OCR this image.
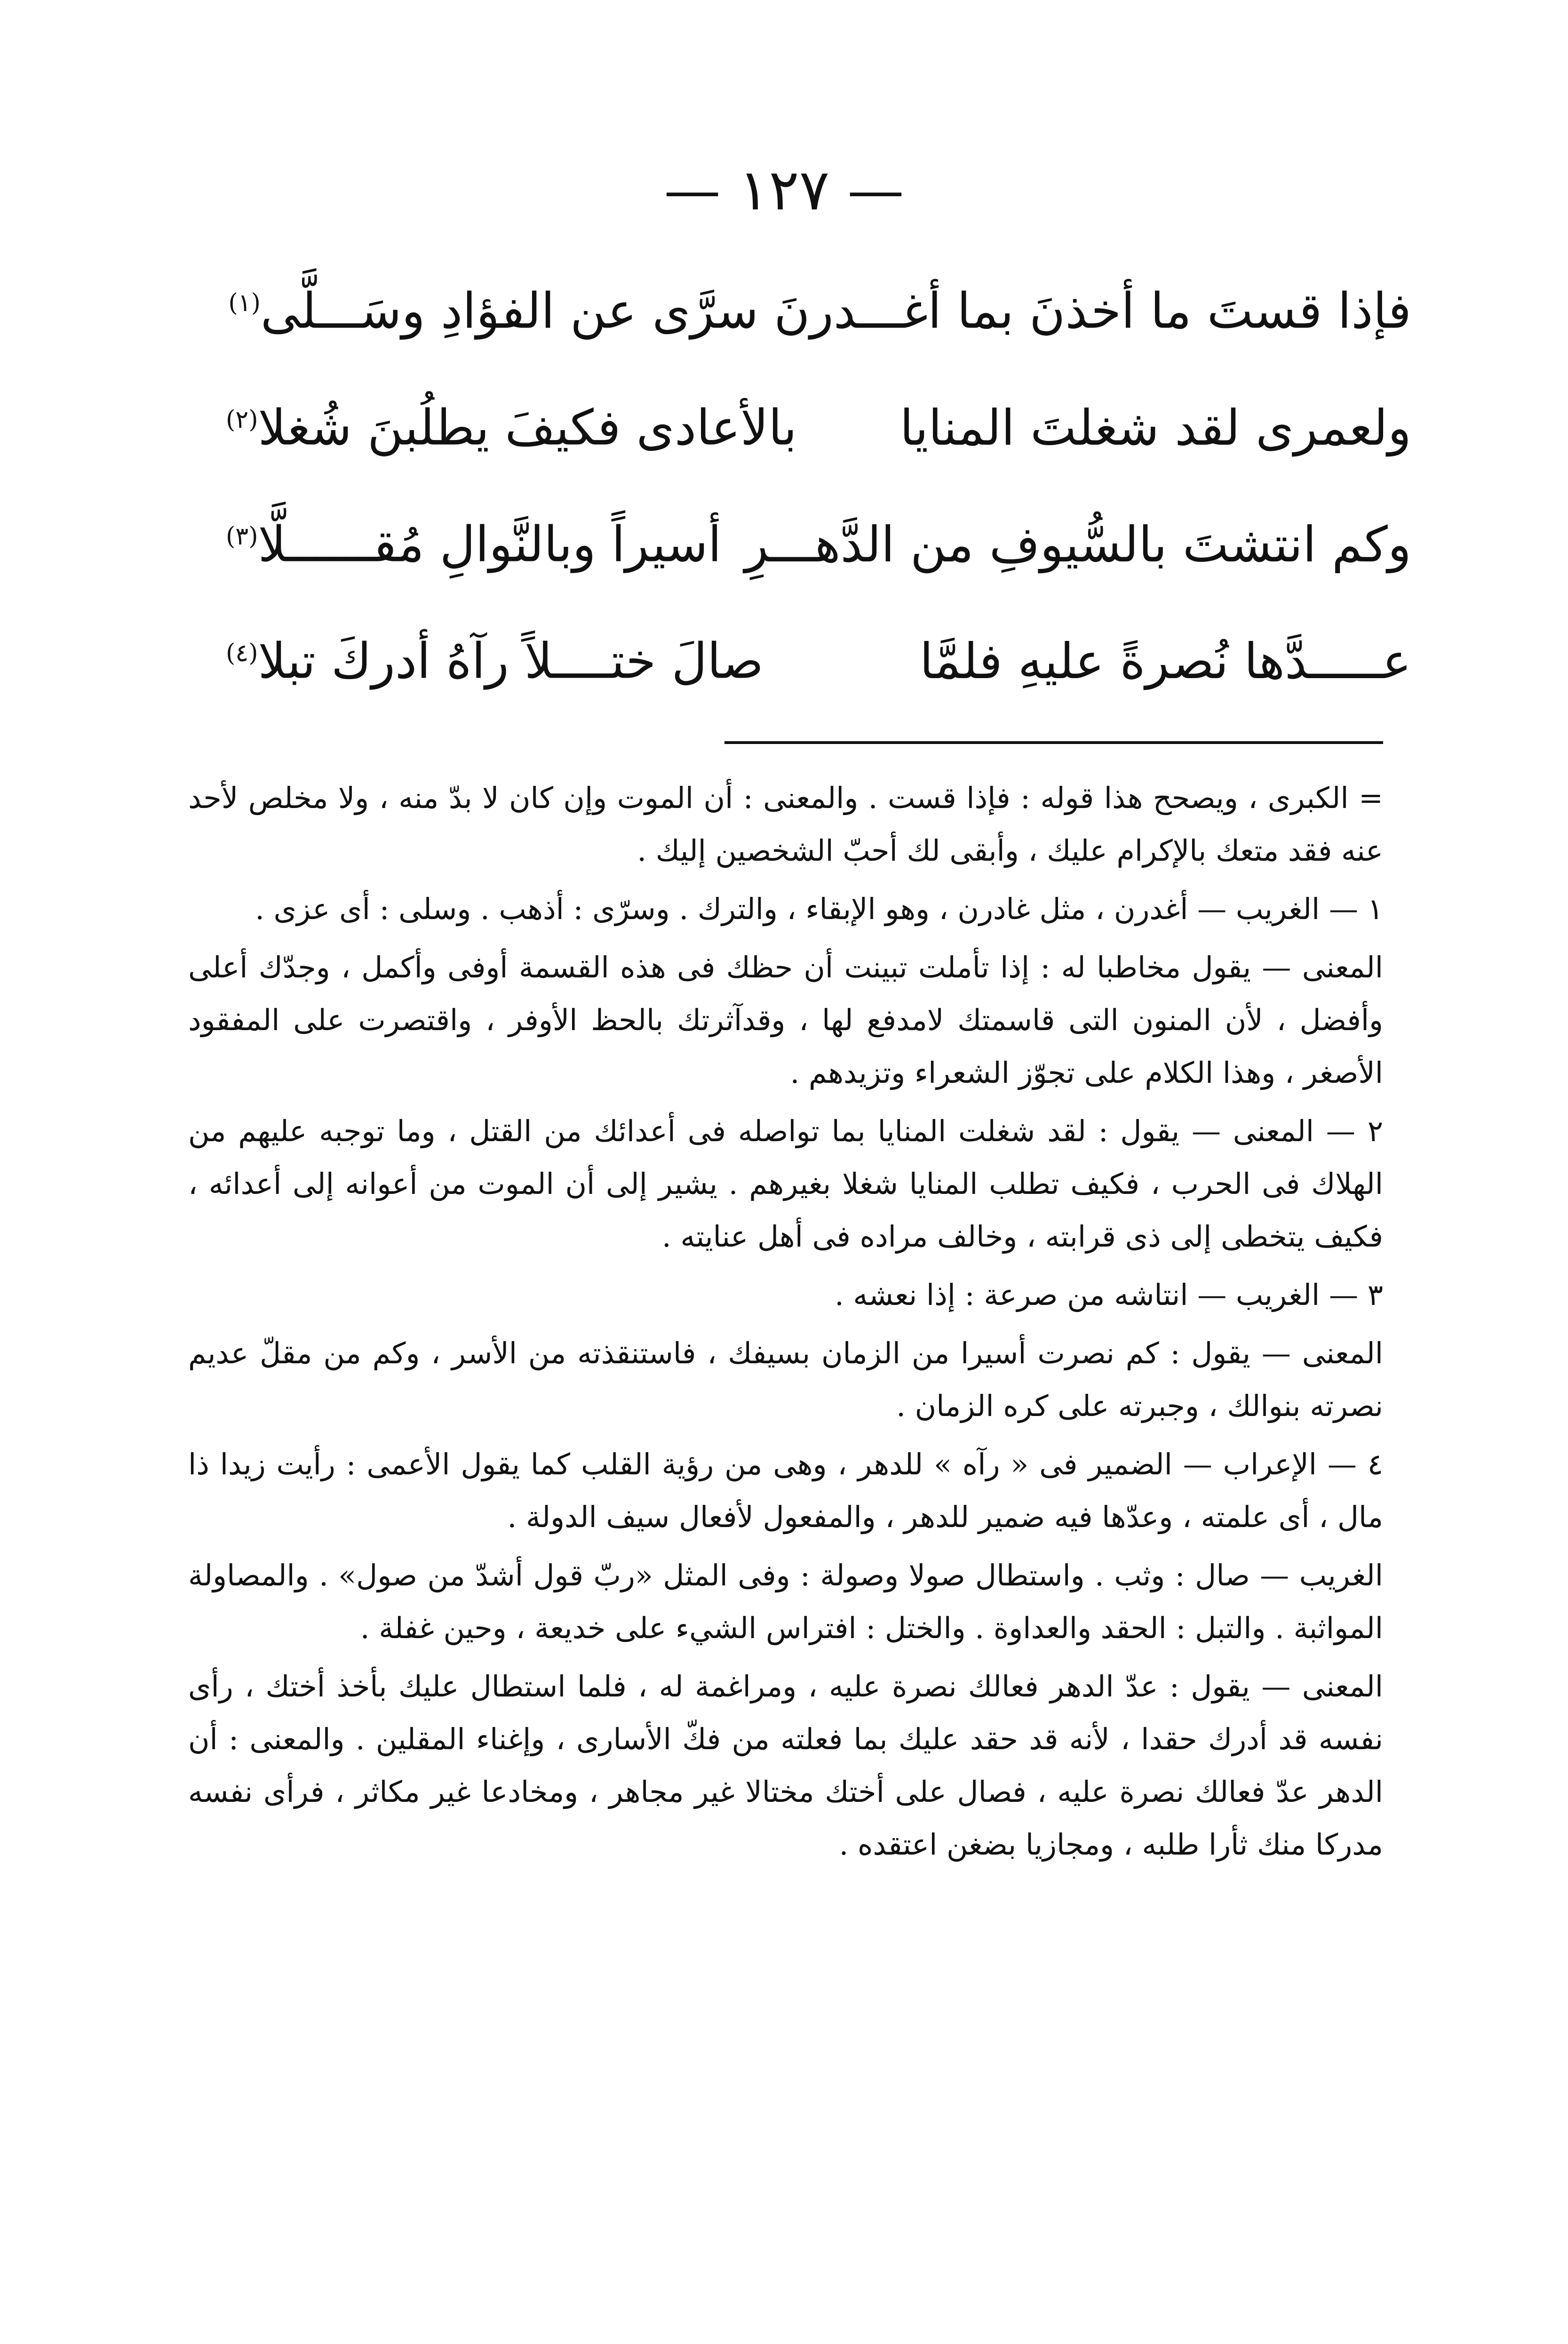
— ١٢٧ —
فإذا قستَ ما أخذنَ بما أغـــدرنَ سرَّى عن الفؤادِ وسَـــلَّى$^{(١)}$
ولعمرى لقد شغلتَ المنايا
بالأعادى فكيفَ يطلُبنَ شُغلا$^{(٢)}$
وكم انتشتَ بالسُّيوفِ من الدَّهـــرِ
أسيراً وبالنَّوالِ مُقــــــلَّا$^{(٣)}$
عـــــدَّها نُصرةً عليهِ فلمَّا
صالَ ختــــلاً رآهُ أدركَ تبلا$^{(٤)}$

= الكبرى ، ويصحح هذا قوله : فإذا قست . والمعنى : أن الموت وإن كان لا بدّ منه ، ولا مخلص لأحد عنه فقد متعك بالإكرام عليك ، وأبقى لك أحبّ الشخصين إليك .

١ — الغريب — أغدرن ، مثل غادرن ، وهو الإبقاء ، والترك . وسرّى : أذهب . وسلى : أى عزى .

المعنى — يقول مخاطبا له : إذا تأملت تبينت أن حظك فى هذه القسمة أوفى وأكمل ، وجدّك أعلى وأفضل ، لأن المنون التى قاسمتك لامدفع لها ، وقدآثرتك بالحظ الأوفر ، واقتصرت على المفقود الأصغر ، وهذا الكلام على تجوّز الشعراء وتزيدهم .

٢ — المعنى — يقول : لقد شغلت المنايا بما تواصله فى أعدائك من القتل ، وما توجبه عليهم من الهلاك فى الحرب ، فكيف تطلب المنايا شغلا بغيرهم . يشير إلى أن الموت من أعوانه إلى أعدائه ، فكيف يتخطى إلى ذى قرابته ، وخالف مراده فى أهل عنايته .

٣ — الغريب — انتاشه من صرعة : إذا نعشه .

المعنى — يقول : كم نصرت أسيرا من الزمان بسيفك ، فاستنقذته من الأسر ، وكم من مقلّ عديم نصرته بنوالك ، وجبرته على كره الزمان .

٤ — الإعراب — الضمير فى « رآه » للدهر ، وهى من رؤية القلب كما يقول الأعمى : رأيت زيدا ذا مال ، أى علمته ، وعدّها فيه ضمير للدهر ، والمفعول لأفعال سيف الدولة .

الغريب — صال : وثب . واستطال صولا وصولة : وفى المثل «ربّ قول أشدّ من صول» . والمصاولة المواثبة . والتبل : الحقد والعداوة . والختل : افتراس الشيء على خديعة ، وحين غفلة .

المعنى — يقول : عدّ الدهر فعالك نصرة عليه ، ومراغمة له ، فلما استطال عليك بأخذ أختك ، رأى نفسه قد أدرك حقدا ، لأنه قد حقد عليك بما فعلته من فكّ الأسارى ، وإغناء المقلين . والمعنى : أن الدهر عدّ فعالك نصرة عليه ، فصال على أختك مختالا غير مجاهر ، ومخادعا غير مكاثر ، فرأى نفسه مدركا منك ثأرا طلبه ، ومجازيا بضغن اعتقده .
